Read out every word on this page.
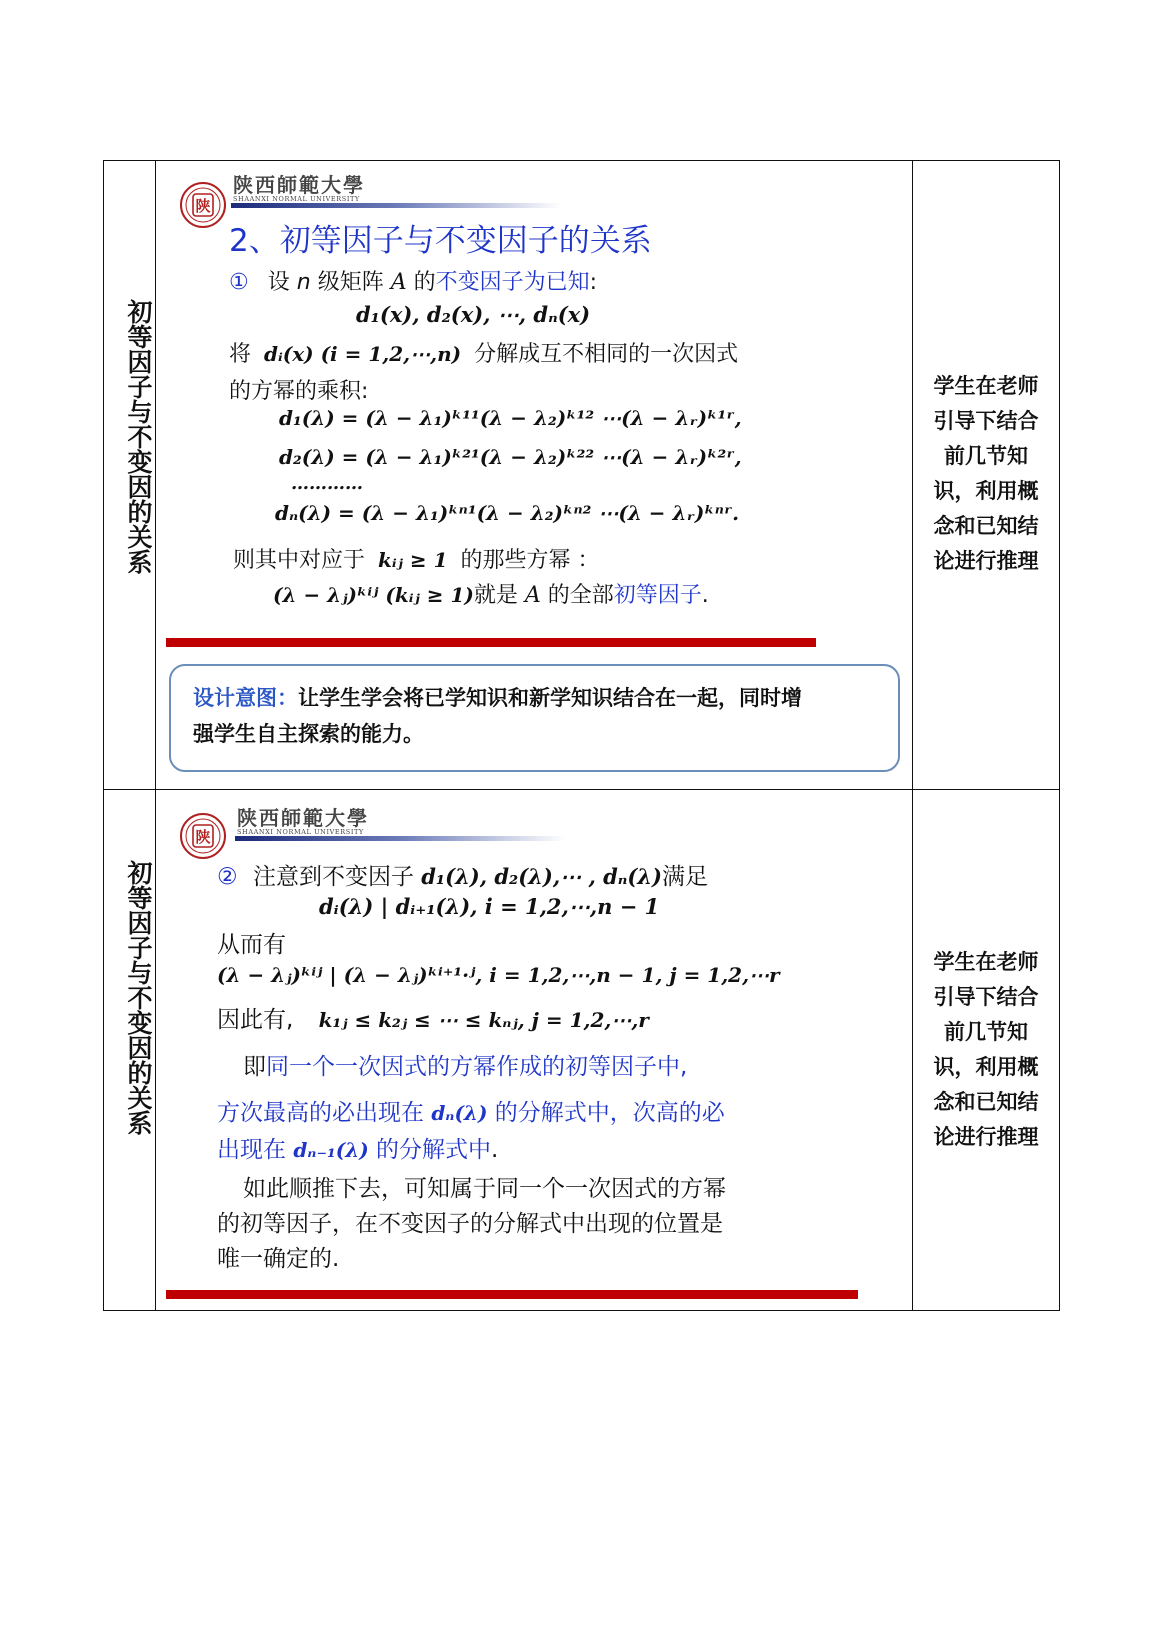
初
等
因
子
与
不
变
因
的
关
系
陕
陕西師範大學
SHAANXI NORMAL UNIVERSITY
2、初等因子与不变因子的关系
① 设 n 级矩阵 A 的不变因子为已知:
d₁(x), d₂(x), ⋯, dₙ(x)
将 dᵢ(x) (i = 1,2,⋯,n) 分解成互不相同的一次因式
的方幂的乘积:
d₁(λ) = (λ − λ₁)ᵏ¹¹(λ − λ₂)ᵏ¹² ⋯(λ − λᵣ)ᵏ¹ʳ,
d₂(λ) = (λ − λ₁)ᵏ²¹(λ − λ₂)ᵏ²² ⋯(λ − λᵣ)ᵏ²ʳ,
…………
dₙ(λ) = (λ − λ₁)ᵏⁿ¹(λ − λ₂)ᵏⁿ² ⋯(λ − λᵣ)ᵏⁿʳ.
则其中对应于 kᵢⱼ ≥ 1 的那些方幂 ：
(λ − λⱼ)ᵏⁱʲ (kᵢⱼ ≥ 1)就是 A 的全部初等因子.
设计意图：让学生学会将已学知识和新学知识结合在一起，同时增
强学生自主探索的能力。
学生在老师
引导下结合
前几节知
识，利用概
念和已知结
论进行推理
初
等
因
子
与
不
变
因
的
关
系
陕
陕西師範大學
SHAANXI NORMAL UNIVERSITY
② 注意到不变因子 d₁(λ), d₂(λ),⋯ , dₙ(λ)满足
dᵢ(λ) | dᵢ₊₁(λ), i = 1,2,⋯,n − 1
从而有
(λ − λⱼ)ᵏⁱʲ | (λ − λⱼ)ᵏⁱ⁺¹·ʲ, i = 1,2,⋯,n − 1, j = 1,2,⋯r
因此有, k₁ⱼ ≤ k₂ⱼ ≤ ⋯ ≤ kₙⱼ, j = 1,2,⋯,r
即同一个一次因式的方幂作成的初等因子中,
方次最高的必出现在 dₙ(λ) 的分解式中，次高的必
出现在 dₙ₋₁(λ) 的分解式中.
如此顺推下去，可知属于同一个一次因式的方幂
的初等因子，在不变因子的分解式中出现的位置是
唯一确定的.
学生在老师
引导下结合
前几节知
识，利用概
念和已知结
论进行推理
